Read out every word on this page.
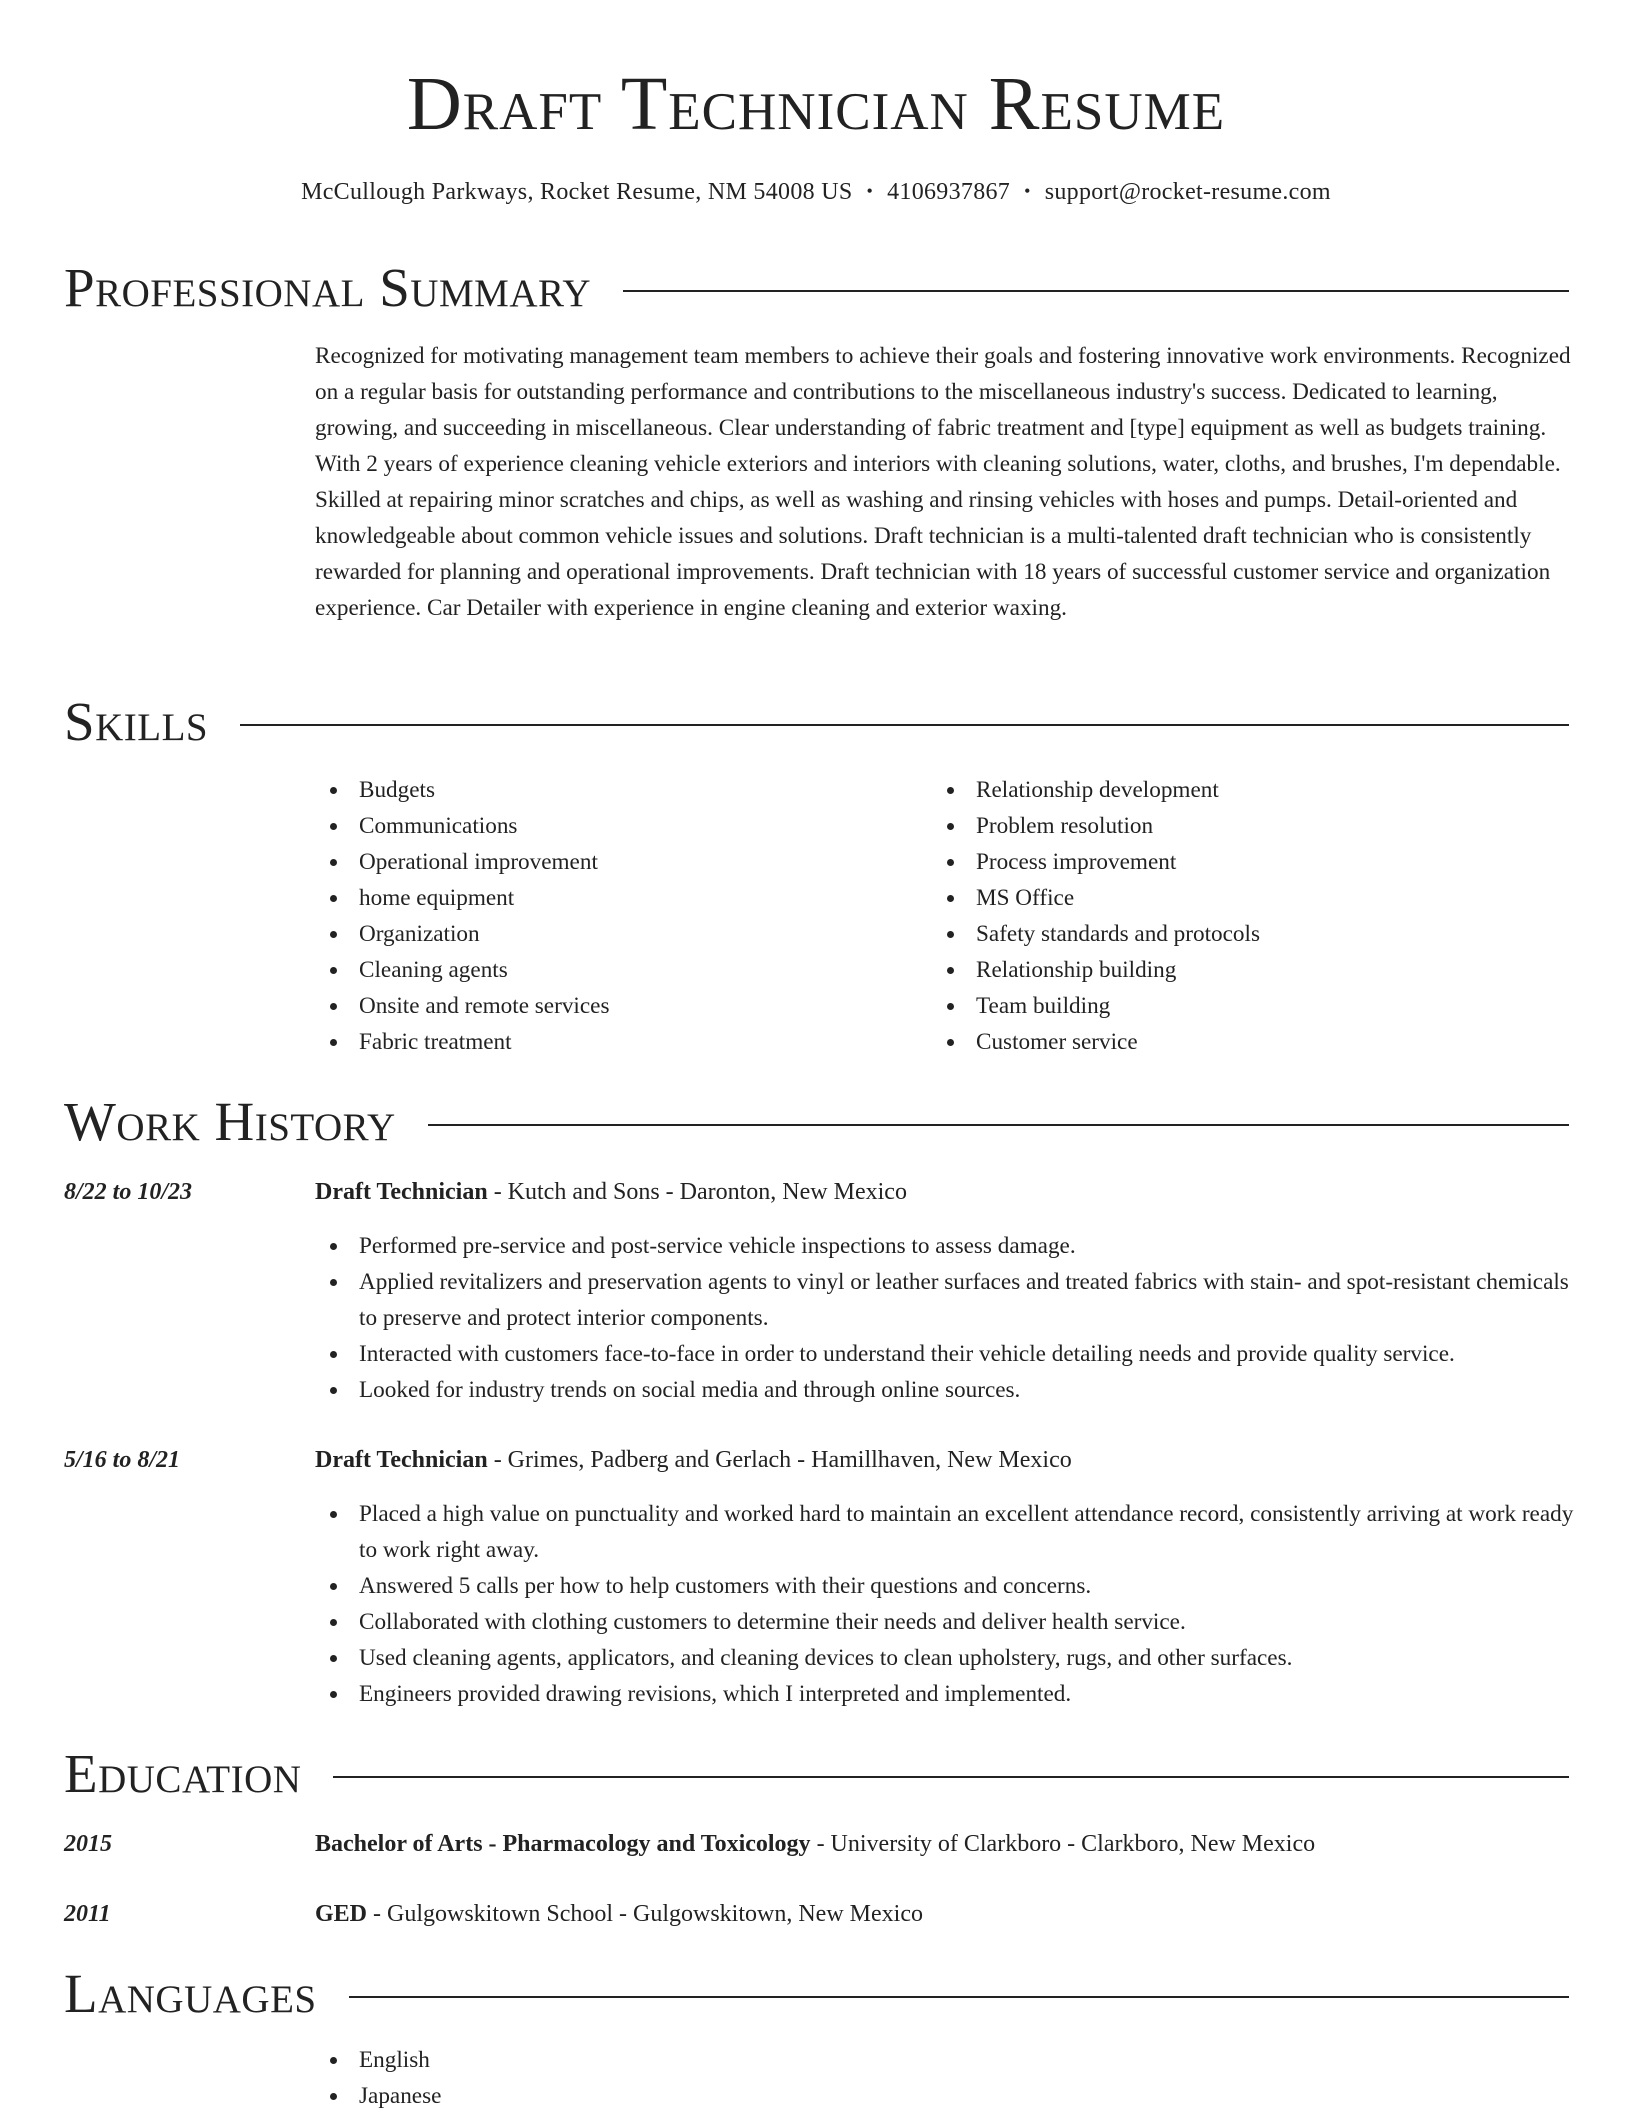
Draft Technician Resume
McCullough Parkways, Rocket Resume, NM 54008 US • 4106937867 • support@rocket-resume.com
Professional Summary

Recognized for motivating management team members to achieve their goals and fostering innovative work environments. Recognized on a regular basis for outstanding performance and contributions to the miscellaneous industry's success. Dedicated to learning, growing, and succeeding in miscellaneous. Clear understanding of fabric treatment and [type] equipment as well as budgets training. With 2 years of experience cleaning vehicle exteriors and interiors with cleaning solutions, water, cloths, and brushes, I'm dependable. Skilled at repairing minor scratches and chips, as well as washing and rinsing vehicles with hoses and pumps. Detail-oriented and knowledgeable about common vehicle issues and solutions. Draft technician is a multi-talented draft technician who is consistently rewarded for planning and operational improvements. Draft technician with 18 years of successful customer service and organization experience. Car Detailer with experience in engine cleaning and exterior waxing.

Skills
Budgets
Communications
Operational improvement
home equipment
Organization
Cleaning agents
Onsite and remote services
Fabric treatment
Relationship development
Problem resolution
Process improvement
MS Office
Safety standards and protocols
Relationship building
Team building
Customer service
Work History
8/22 to 10/23	Draft Technician - Kutch and Sons - Daronton, New Mexico
Performed pre-service and post-service vehicle inspections to assess damage.
Applied revitalizers and preservation agents to vinyl or leather surfaces and treated fabrics with stain- and spot-resistant chemicals to preserve and protect interior components.
Interacted with customers face-to-face in order to understand their vehicle detailing needs and provide quality service.
Looked for industry trends on social media and through online sources.
5/16 to 8/21	Draft Technician - Grimes, Padberg and Gerlach - Hamillhaven, New Mexico
Placed a high value on punctuality and worked hard to maintain an excellent attendance record, consistently arriving at work ready to work right away.
Answered 5 calls per how to help customers with their questions and concerns.
Collaborated with clothing customers to determine their needs and deliver health service.
Used cleaning agents, applicators, and cleaning devices to clean upholstery, rugs, and other surfaces.
Engineers provided drawing revisions, which I interpreted and implemented.
Education
2015	Bachelor of Arts - Pharmacology and Toxicology - University of Clarkboro - Clarkboro, New Mexico
2011	GED - Gulgowskitown School - Gulgowskitown, New Mexico
Languages
English
Japanese
